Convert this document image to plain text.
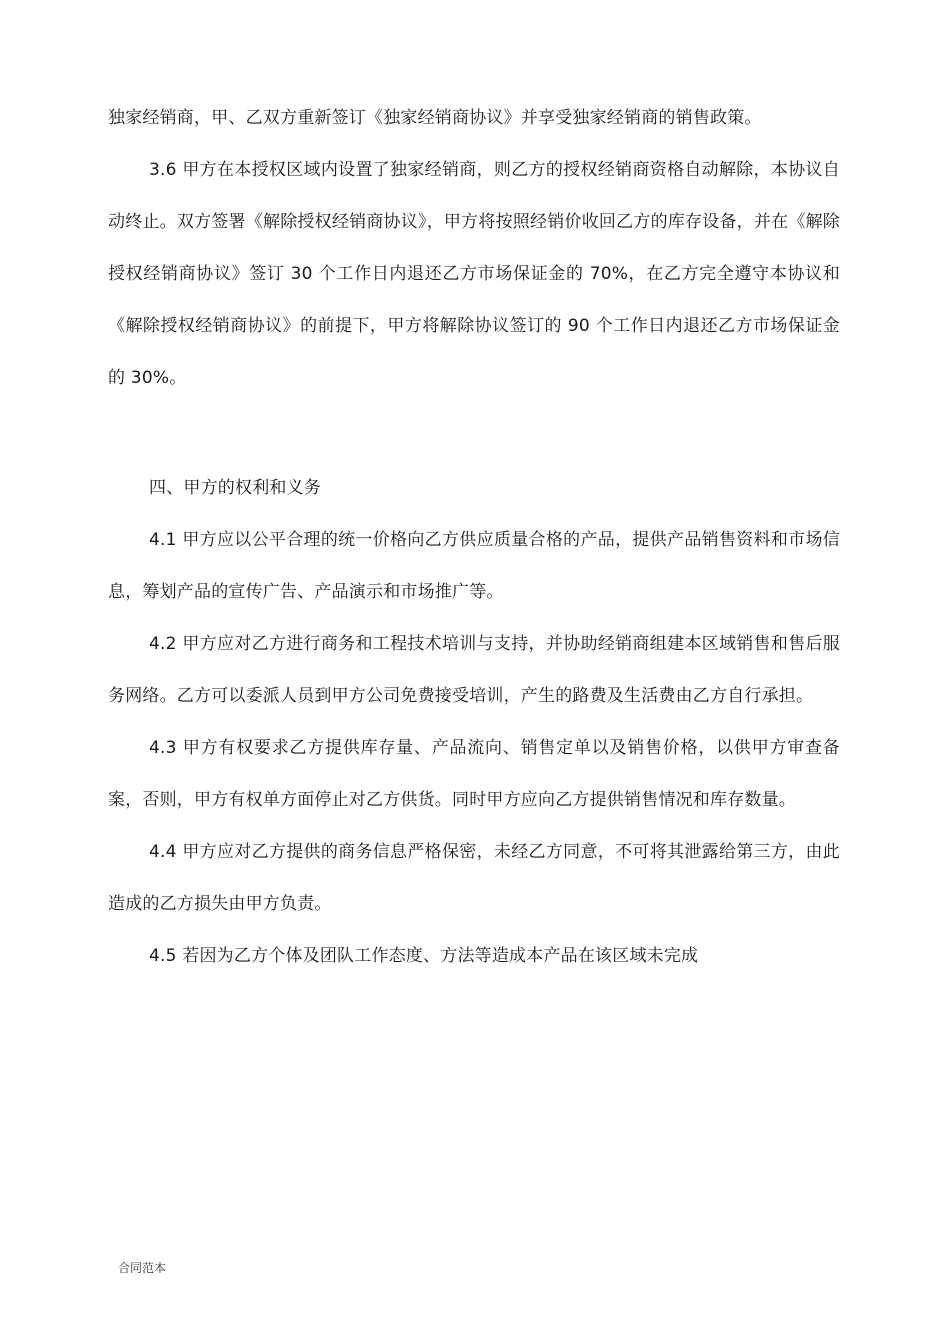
独家经销商，甲、乙双方重新签订《独家经销商协议》并享受独家经销商的销售政策。

3.6 甲方在本授权区域内设置了独家经销商，则乙方的授权经销商资格自动解除，本协议自动终止。双方签署《解除授权经销商协议》，甲方将按照经销价收回乙方的库存设备，并在《解除授权经销商协议》签订 30 个工作日内退还乙方市场保证金的 70%，在乙方完全遵守本协议和《解除授权经销商协议》的前提下，甲方将解除协议签订的 90 个工作日内退还乙方市场保证金的 30%。

四、甲方的权利和义务

4.1 甲方应以公平合理的统一价格向乙方供应质量合格的产品，提供产品销售资料和市场信息，筹划产品的宣传广告、产品演示和市场推广等。

4.2 甲方应对乙方进行商务和工程技术培训与支持，并协助经销商组建本区域销售和售后服务网络。乙方可以委派人员到甲方公司免费接受培训，产生的路费及生活费由乙方自行承担。

4.3 甲方有权要求乙方提供库存量、产品流向、销售定单以及销售价格，以供甲方审查备案，否则，甲方有权单方面停止对乙方供货。同时甲方应向乙方提供销售情况和库存数量。

4.4 甲方应对乙方提供的商务信息严格保密，未经乙方同意，不可将其泄露给第三方，由此造成的乙方损失由甲方负责。

4.5 若因为乙方个体及团队工作态度、方法等造成本产品在该区域未完成

合同范本
